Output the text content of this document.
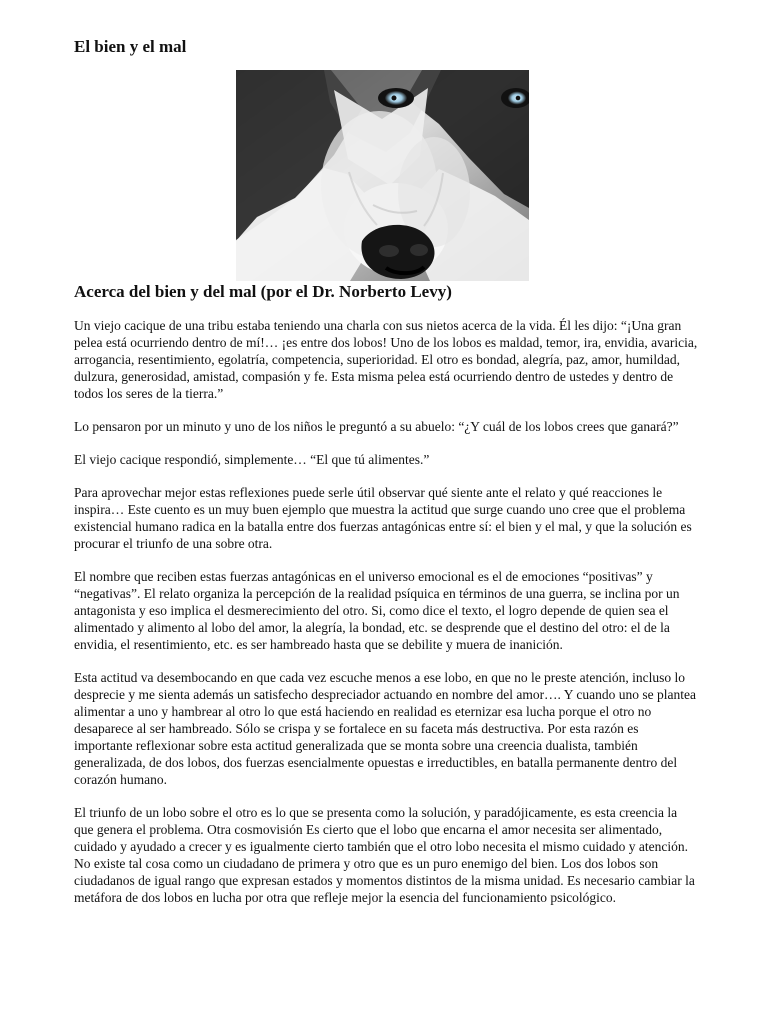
El bien y el mal
Acerca del bien y del mal (por el Dr. Norberto Levy)

Un viejo cacique de una tribu estaba teniendo una charla con sus nietos acerca de la vida. Él les dijo: “¡Una gran pelea está ocurriendo dentro de mí!… ¡es entre dos lobos! Uno de los lobos es maldad, temor, ira, envidia, avaricia, arrogancia, resentimiento, egolatría, competencia, superioridad. El otro es bondad, alegría, paz, amor, humildad, dulzura, generosidad, amistad, compasión y fe. Esta misma pelea está ocurriendo dentro de ustedes y dentro de todos los seres de la tierra.”

Lo pensaron por un minuto y uno de los niños le preguntó a su abuelo: “¿Y cuál de los lobos crees que ganará?”

El viejo cacique respondió, simplemente… “El que tú alimentes.”

Para aprovechar mejor estas reflexiones puede serle útil observar qué siente ante el relato y qué reacciones le inspira… Este cuento es un muy buen ejemplo que muestra la actitud que surge cuando uno cree que el problema existencial humano radica en la batalla entre dos fuerzas antagónicas entre sí: el bien y el mal, y que la solución es procurar el triunfo de una sobre otra.

El nombre que reciben estas fuerzas antagónicas en el universo emocional es el de emociones “positivas” y “negativas”. El relato organiza la percepción de la realidad psíquica en términos de una guerra, se inclina por un antagonista y eso implica el desmerecimiento del otro. Si, como dice el texto, el logro depende de quien sea el alimentado y alimento al lobo del amor, la alegría, la bondad, etc. se desprende que el destino del otro: el de la envidia, el resentimiento, etc. es ser hambreado hasta que se debilite y muera de inanición.

Esta actitud va desembocando en que cada vez escuche menos a ese lobo, en que no le preste atención, incluso lo desprecie y me sienta además un satisfecho despreciador actuando en nombre del amor…. Y cuando uno se plantea alimentar a uno y hambrear al otro lo que está haciendo en realidad es eternizar esa lucha porque el otro no desaparece al ser hambreado. Sólo se crispa y se fortalece en su faceta más destructiva. Por esta razón es importante reflexionar sobre esta actitud generalizada que se monta sobre una creencia dualista, también generalizada, de dos lobos, dos fuerzas esencialmente opuestas e irreductibles, en batalla permanente dentro del corazón humano.

El triunfo de un lobo sobre el otro es lo que se presenta como la solución, y paradójicamente, es esta creencia la que genera el problema. Otra cosmovisión Es cierto que el lobo que encarna el amor necesita ser alimentado, cuidado y ayudado a crecer y es igualmente cierto también que el otro lobo necesita el mismo cuidado y atención. No existe tal cosa como un ciudadano de primera y otro que es un puro enemigo del bien. Los dos lobos son ciudadanos de igual rango que expresan estados y momentos distintos de la misma unidad. Es necesario cambiar la metáfora de dos lobos en lucha por otra que refleje mejor la esencia del funcionamiento psicológico.
